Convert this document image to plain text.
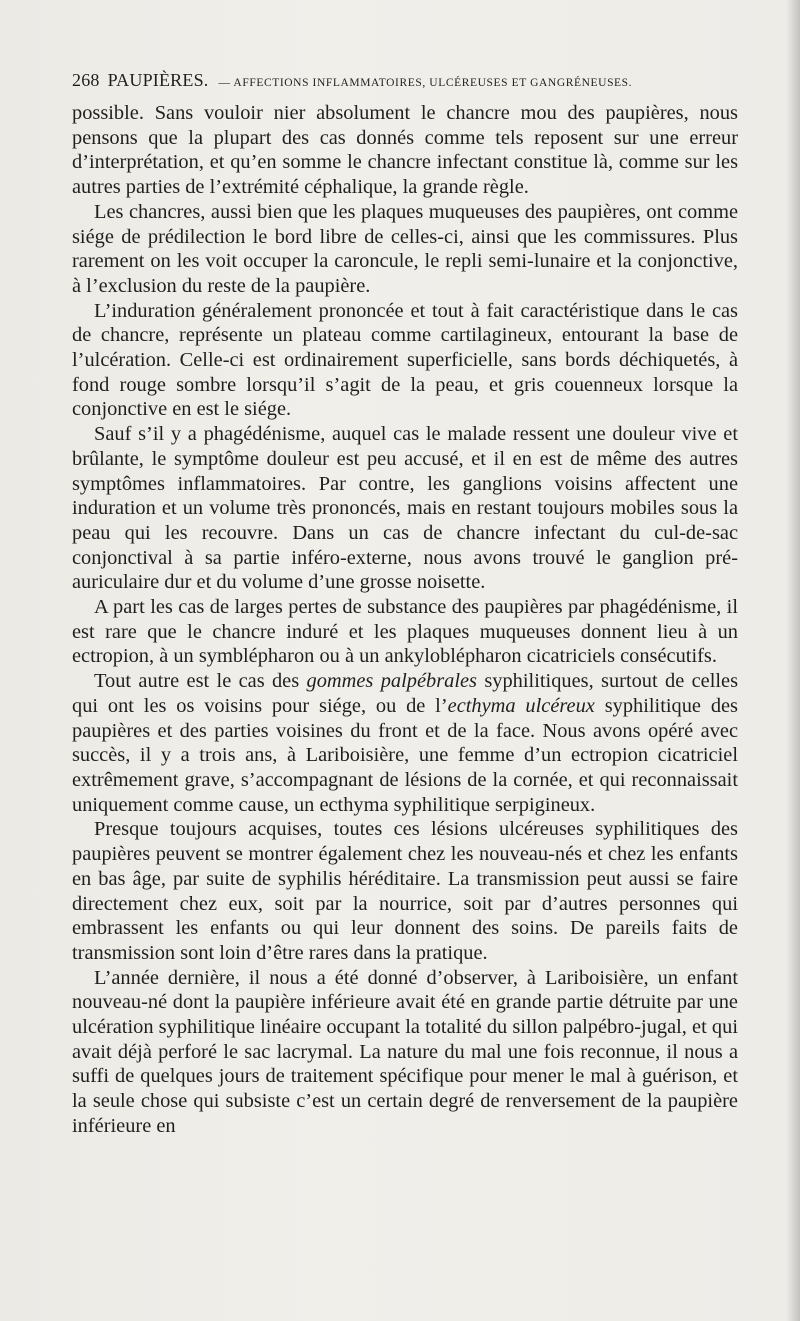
268 PAUPIÈRES. — AFFECTIONS INFLAMMATOIRES, ULCÉREUSES ET GANGRÉNEUSES.

possible. Sans vouloir nier absolument le chancre mou des paupières, nous pensons que la plupart des cas donnés comme tels reposent sur une erreur d’interprétation, et qu’en somme le chancre infectant constitue là, comme sur les autres parties de l’extrémité céphalique, la grande règle.

Les chancres, aussi bien que les plaques muqueuses des paupières, ont comme siége de prédilection le bord libre de celles-ci, ainsi que les commissures. Plus rarement on les voit occuper la caroncule, le repli semi-lunaire et la conjonctive, à l’exclusion du reste de la paupière.

L’induration généralement prononcée et tout à fait caractéristique dans le cas de chancre, représente un plateau comme cartilagineux, entourant la base de l’ulcération. Celle-ci est ordinairement superficielle, sans bords déchiquetés, à fond rouge sombre lorsqu’il s’agit de la peau, et gris couenneux lorsque la conjonctive en est le siége.

Sauf s’il y a phagédénisme, auquel cas le malade ressent une douleur vive et brûlante, le symptôme douleur est peu accusé, et il en est de même des autres symptômes inflammatoires. Par contre, les ganglions voisins affectent une induration et un volume très prononcés, mais en restant toujours mobiles sous la peau qui les recouvre. Dans un cas de chancre infectant du cul-de-sac conjonctival à sa partie inféro-externe, nous avons trouvé le ganglion pré-auriculaire dur et du volume d’une grosse noisette.

A part les cas de larges pertes de substance des paupières par phagédénisme, il est rare que le chancre induré et les plaques muqueuses donnent lieu à un ectropion, à un symblépharon ou à un ankyloblépharon cicatriciels consécutifs.

Tout autre est le cas des gommes palpébrales syphilitiques, surtout de celles qui ont les os voisins pour siége, ou de l’ecthyma ulcéreux syphilitique des paupières et des parties voisines du front et de la face. Nous avons opéré avec succès, il y a trois ans, à Lariboisière, une femme d’un ectropion cicatriciel extrêmement grave, s’accompagnant de lésions de la cornée, et qui reconnaissait uniquement comme cause, un ecthyma syphilitique serpigineux.

Presque toujours acquises, toutes ces lésions ulcéreuses syphilitiques des paupières peuvent se montrer également chez les nouveau-nés et chez les enfants en bas âge, par suite de syphilis héréditaire. La transmission peut aussi se faire directement chez eux, soit par la nourrice, soit par d’autres personnes qui embrassent les enfants ou qui leur donnent des soins. De pareils faits de transmission sont loin d’être rares dans la pratique.

L’année dernière, il nous a été donné d’observer, à Lariboisière, un enfant nouveau-né dont la paupière inférieure avait été en grande partie détruite par une ulcération syphilitique linéaire occupant la totalité du sillon palpébro-jugal, et qui avait déjà perforé le sac lacrymal. La nature du mal une fois reconnue, il nous a suffi de quelques jours de traitement spécifique pour mener le mal à guérison, et la seule chose qui subsiste c’est un certain degré de renversement de la paupière inférieure en
